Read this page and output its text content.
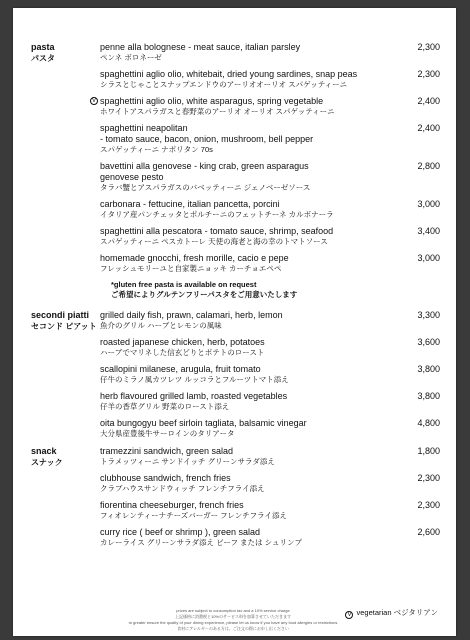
pasta
パスタ
penne alla bolognese - meat sauce, italian parsley
ペンネ ボロネーゼ
2,300
spaghettini aglio olio, whitebait, dried young sardines, snap peas
シラスとじゃことスナップエンドウのアーリオオーリオ スパゲッティーニ
2,300
V spaghettini aglio olio, white asparagus, spring vegetable
ホワイトアスパラガスと春野菜のアーリオ オーリオ スパゲッティーニ
2,400
spaghettini neapolitan
- tomato sauce, bacon, onion, mushroom, bell pepper
スパゲッティーニ ナポリタン 70s
2,400
bavettini alla genovese - king crab, green asparagus
genovese pesto
タラバ蟹とアスパラガスのバベッティーニ ジェノベーゼソース
2,800
carbonara - fettucine, italian pancetta, porcini
イタリア産パンチェッタとポルチーニのフェットチーネ カルボナーラ
3,000
spaghettini alla pescatora - tomato sauce, shrimp, seafood
スパゲッティーニ ペスカトーレ 天使の海老と海の幸のトマトソース
3,400
homemade gnocchi, fresh morille, cacio e pepe
フレッシュモリーユと自家製ニョッキ カーチョエペペ
3,000
*gluten free pasta is available on request
ご希望によりグルテンフリーパスタをご用意いたします
secondi piatti
セコンド ピアット
grilled daily fish, prawn, calamari, herb, lemon
魚介のグリル ハーブとレモンの風味
3,300
roasted japanese chicken, herb, potatoes
ハーブでマリネした信玄どりとポテトのロースト
3,600
scallopini milanese, arugula, fruit tomato
仔牛のミラノ風カツレツ ルッコラとフルーツトマト添え
3,800
herb flavoured grilled lamb, roasted vegetables
仔羊の香草グリル 野菜のロースト添え
3,800
oita bungogyu beef sirloin tagliata, balsamic vinegar
大分県産豊後牛サーロインのタリアータ
4,800
snack
スナック
tramezzini sandwich, green salad
トラメッツィーニ サンドイッチ グリーンサラダ添え
1,800
clubhouse sandwich, french fries
クラブハウスサンドウィッチ フレンチフライ添え
2,300
fiorentina cheeseburger, french fries
フィオレンティーナチーズバーガー フレンチフライ添え
2,300
curry rice ( beef or shrimp ), green salad
カレーライス グリーンサラダ添え ビーフ または シュリンプ
2,600
prices are subject to consumption tax and a 10% service charge
上記価格に消費税と10%のサービス料を加算させていただきます
to greater ensure the quality of your dining experience, please let us know if you have any food allergies or restrictions
食材にアレルギーのある方は、ご注文の際にお申し出ください
V vegetarian ベジタリアン
